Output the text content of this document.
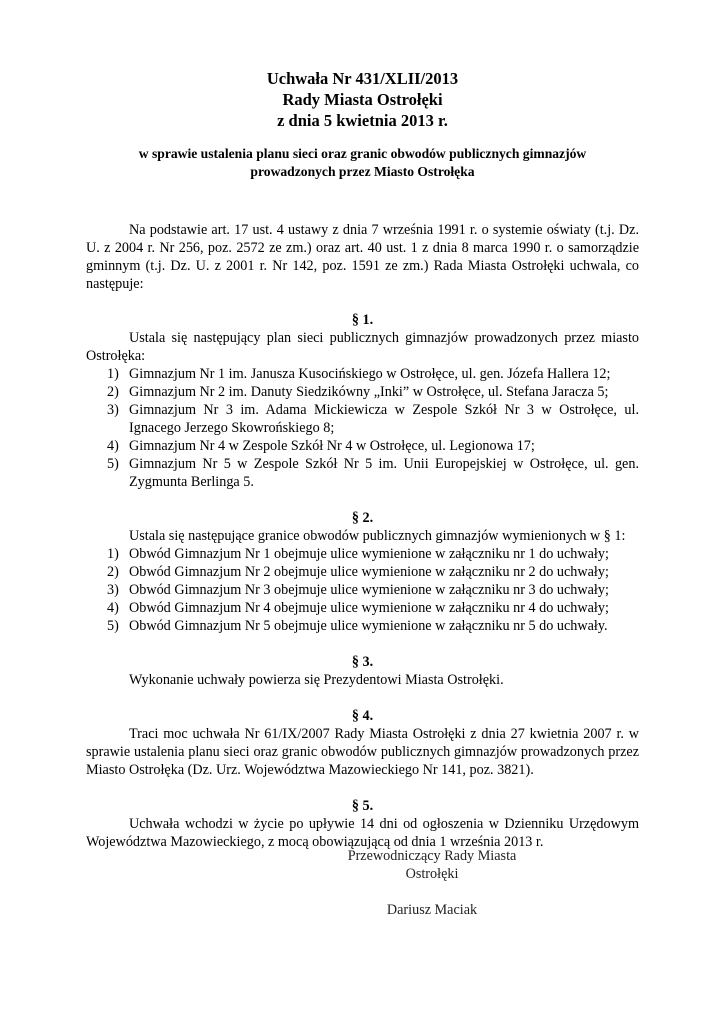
Uchwała Nr 431/XLII/2013
Rady Miasta Ostrołęki
z dnia 5 kwietnia 2013 r.
w sprawie ustalenia planu sieci oraz granic obwodów publicznych gimnazjów
prowadzonych przez Miasto Ostrołęka

Na podstawie art. 17 ust. 4 ustawy z dnia 7 września 1991 r. o systemie oświaty (t.j. Dz. U. z 2004 r. Nr 256, poz. 2572 ze zm.) oraz art. 40 ust. 1 z dnia 8 marca 1990 r. o samorządzie gminnym (t.j. Dz. U. z 2001 r. Nr 142, poz. 1591 ze zm.) Rada Miasta Ostrołęki uchwala, co następuje:

§ 1.

Ustala się następujący plan sieci publicznych gimnazjów prowadzonych przez miasto Ostrołęka:

1) Gimnazjum Nr 1 im. Janusza Kusocińskiego w Ostrołęce, ul. gen. Józefa Hallera 12;
2) Gimnazjum Nr 2 im. Danuty Siedzikówny „Inki” w Ostrołęce, ul. Stefana Jaracza 5;
3) Gimnazjum Nr 3 im. Adama Mickiewicza w Zespole Szkół Nr 3 w Ostrołęce, ul. Ignacego Jerzego Skowrońskiego 8;
4) Gimnazjum Nr 4 w Zespole Szkół Nr 4 w Ostrołęce, ul. Legionowa 17;
5) Gimnazjum Nr 5 w Zespole Szkół Nr 5 im. Unii Europejskiej w Ostrołęce, ul. gen. Zygmunta Berlinga 5.
§ 2.

Ustala się następujące granice obwodów publicznych gimnazjów wymienionych w § 1:

1) Obwód Gimnazjum Nr 1 obejmuje ulice wymienione w załączniku nr 1 do uchwały;
2) Obwód Gimnazjum Nr 2 obejmuje ulice wymienione w załączniku nr 2 do uchwały;
3) Obwód Gimnazjum Nr 3 obejmuje ulice wymienione w załączniku nr 3 do uchwały;
4) Obwód Gimnazjum Nr 4 obejmuje ulice wymienione w załączniku nr 4 do uchwały;
5) Obwód Gimnazjum Nr 5 obejmuje ulice wymienione w załączniku nr 5 do uchwały.
§ 3.

Wykonanie uchwały powierza się Prezydentowi Miasta Ostrołęki.

§ 4.

Traci moc uchwała Nr 61/IX/2007 Rady Miasta Ostrołęki z dnia 27 kwietnia 2007 r. w sprawie ustalenia planu sieci oraz granic obwodów publicznych gimnazjów prowadzonych przez Miasto Ostrołęka (Dz. Urz. Województwa Mazowieckiego Nr 141, poz. 3821).

§ 5.

Uchwała wchodzi w życie po upływie 14 dni od ogłoszenia w Dzienniku Urzędowym Województwa Mazowieckiego, z mocą obowiązującą od dnia 1 września 2013 r.

Przewodniczący Rady Miasta
Ostrołęki
Dariusz Maciak
